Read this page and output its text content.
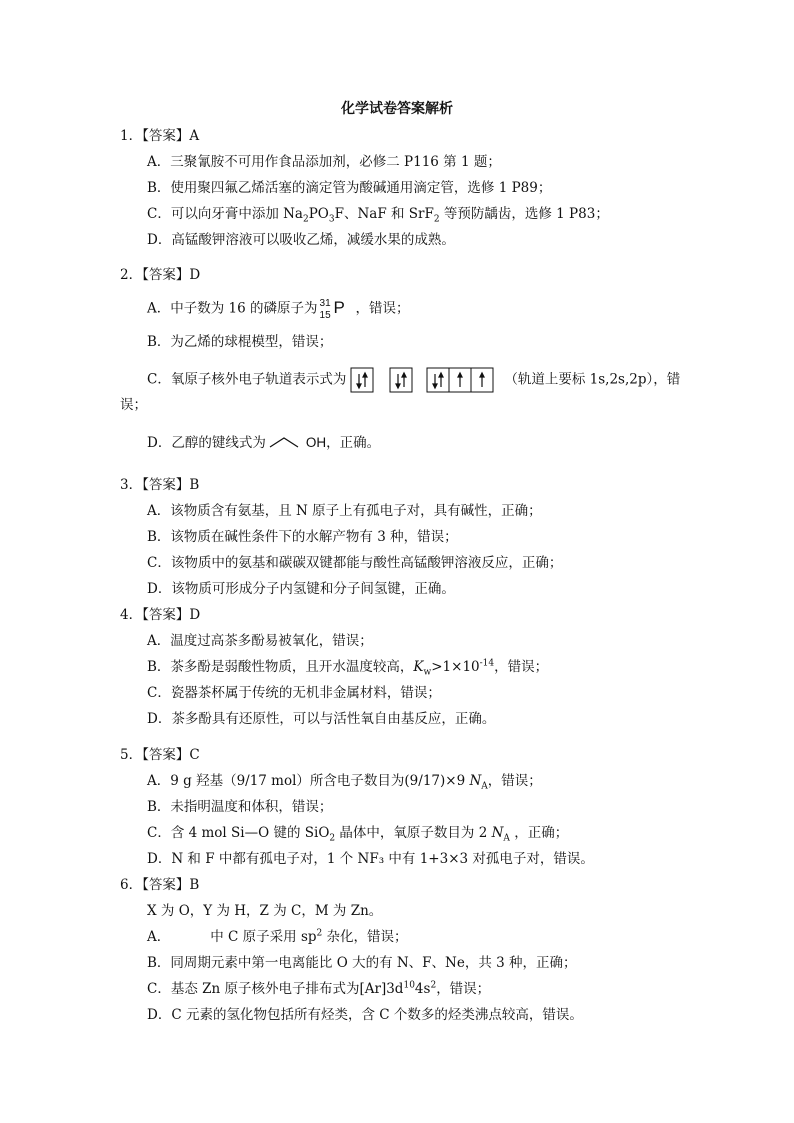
化学试卷答案解析
1．【答案】A
A．三聚氰胺不可用作食品添加剂，必修二 P116 第 1 题；
B．使用聚四氟乙烯活塞的滴定管为酸碱通用滴定管，选修 1 P89；
C．可以向牙膏中添加 $Na_2PO_3F$、NaF 和 SrF$_2$ 等预防龋齿，选修 1 P83；
D．高锰酸钾溶液可以吸收乙烯，减缓水果的成熟。
2．【答案】D
A．中子数为 16 的磷原子为 31
15 P ，错误；
B．为乙烯的球棍模型，错误；
C．氧原子核外电子轨道表示式为	（轨道上要标 1s,2s,2p），错
误；
D．乙醇的键线式为	OH，正确。
3．【答案】B
A．该物质含有氨基，且 N 原子上有孤电子对，具有碱性，正确；
B．该物质在碱性条件下的水解产物有 3 种，错误；
C．该物质中的氨基和碳碳双键都能与酸性高锰酸钾溶液反应，正确；
D．该物质可形成分子内氢键和分子间氢键，正确。
4．【答案】D
A．温度过高茶多酚易被氧化，错误；
B．茶多酚是弱酸性物质，且开水温度较高，$K_w>1\times 10^{-14}$，错误；
C．瓷器茶杯属于传统的无机非金属材料，错误；
D．茶多酚具有还原性，可以与活性氧自由基反应，正确。
5．【答案】C
A．9 g 羟基（9/17 mol）所含电子数目为(9/17)×9 $N_A$，错误；
B．未指明温度和体积，错误；
C．含 4 mol Si—O 键的 SiO$_2$ 晶体中，氧原子数目为 2 $N_A$ ，正确；
D．N 和 F 中都有孤电子对，1 个 NF₃ 中有 1+3×3 对孤电子对，错误。
6．【答案】B
X 为 O，Y 为 H，Z 为 C，M 为 Zn。
A．	中 C 原子采用 $sp^2$ 杂化，错误；
B．同周期元素中第一电离能比 O 大的有 N、F、Ne，共 3 种，正确；
C．基态 Zn 原子核外电子排布式为$[Ar]3d^{10}4s^2$，错误；
D．C 元素的氢化物包括所有烃类，含 C 个数多的烃类沸点较高，错误。
